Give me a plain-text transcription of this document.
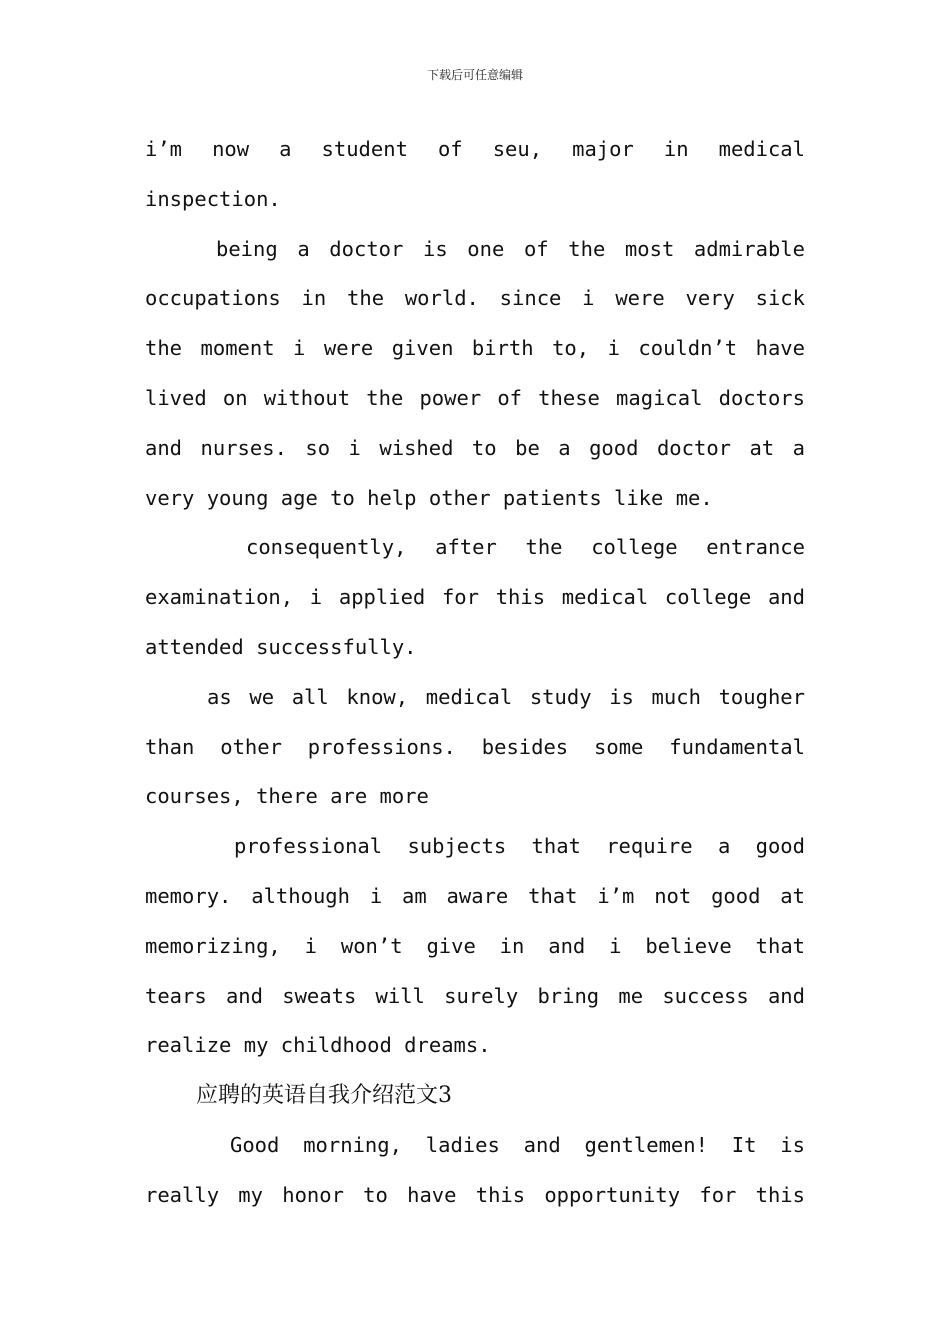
下载后可任意编辑
i’m now a student of seu, major in medical
inspection.
being a doctor is one of the most admirable
occupations in the world. since i were very sick
the moment i were given birth to, i couldn’t have
lived on without the power of these magical doctors
and nurses. so i wished to be a good doctor at a
very young age to help other patients like me.
consequently, after the college entrance
examination, i applied for this medical college and
attended successfully.
as we all know, medical study is much tougher
than other professions. besides some fundamental
courses, there are more
professional subjects that require a good
memory. although i am aware that i’m not good at
memorizing, i won’t give in and i believe that
tears and sweats will surely bring me success and
realize my childhood dreams.
应聘的英语自我介绍范文3
Good morning, ladies and gentlemen! It is
really my honor to have this opportunity for this
